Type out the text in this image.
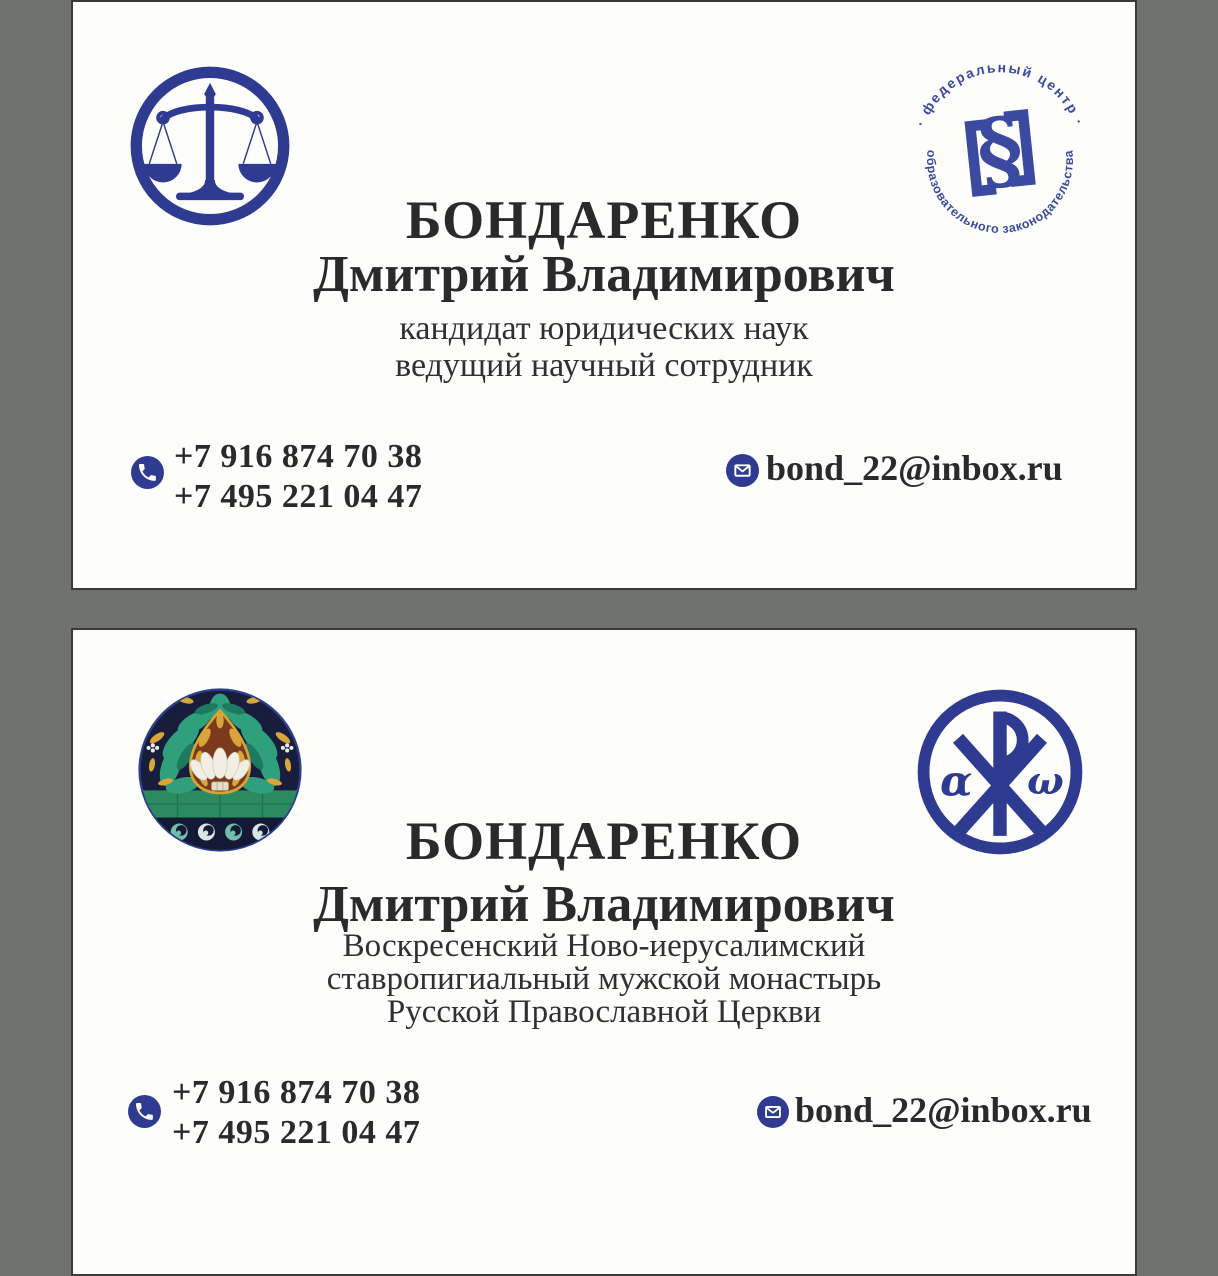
· федеральный центр ·
образовательного законодательства
§
БОНДАРЕНКО
Дмитрий Владимирович
кандидат юридических наук
ведущий научный сотрудник
+7 916 874 70 38
+7 495 221 04 47
bond_22@inbox.ru
α ω
БОНДАРЕНКО
Дмитрий Владимирович
Воскресенский Ново-иерусалимский
ставропигиальный мужской монастырь
Русской Православной Церкви
+7 916 874 70 38
+7 495 221 04 47
bond_22@inbox.ru
